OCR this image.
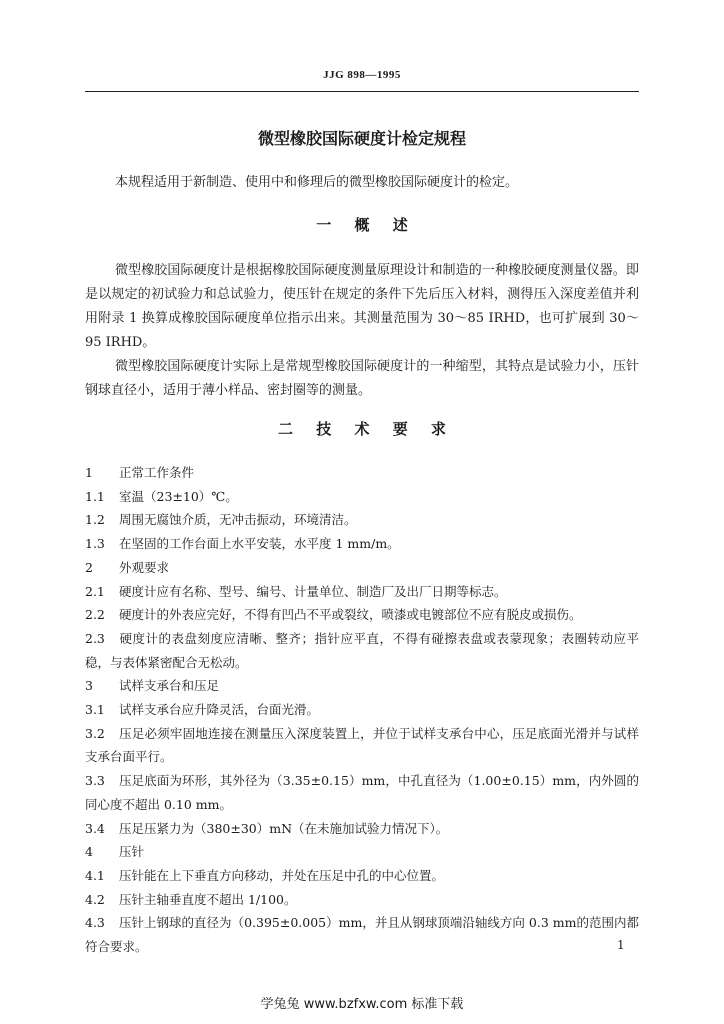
JJG 898—1995
微型橡胶国际硬度计检定规程
本规程适用于新制造、使用中和修理后的微型橡胶国际硬度计的检定。
一 概 述

微型橡胶国际硬度计是根据橡胶国际硬度测量原理设计和制造的一种橡胶硬度测量仪器。即是以规定的初试验力和总试验力，使压针在规定的条件下先后压入材料，测得压入深度差值并利用附录 1 换算成橡胶国际硬度单位指示出来。其测量范围为 30～85 IRHD，也可扩展到 30～95 IRHD。

微型橡胶国际硬度计实际上是常规型橡胶国际硬度计的一种缩型，其特点是试验力小，压针钢球直径小，适用于薄小样品、密封圈等的测量。

二 技 术 要 求
1 正常工作条件
1.1 室温（23±10）℃。
1.2 周围无腐蚀介质，无冲击振动，环境清洁。
1.3 在坚固的工作台面上水平安装，水平度 1 mm/m。
2 外观要求
2.1 硬度计应有名称、型号、编号、计量单位、制造厂及出厂日期等标志。
2.2 硬度计的外表应完好，不得有凹凸不平或裂纹，喷漆或电镀部位不应有脱皮或损伤。
2.3 硬度计的表盘刻度应清晰、整齐；指针应平直，不得有碰擦表盘或表蒙现象；表圈转动应平稳，与表体紧密配合无松动。
3 试样支承台和压足
3.1 试样支承台应升降灵活，台面光滑。
3.2 压足必须牢固地连接在测量压入深度装置上，并位于试样支承台中心，压足底面光滑并与试样支承台面平行。
3.3 压足底面为环形，其外径为（3.35±0.15）mm，中孔直径为（1.00±0.15）mm，内外圆的同心度不超出 0.10 mm。
3.4 压足压紧力为（380±30）mN（在未施加试验力情况下）。
4 压针
4.1 压针能在上下垂直方向移动，并处在压足中孔的中心位置。
4.2 压针主轴垂直度不超出 1/100。
4.3 压针上钢球的直径为（0.395±0.005）mm，并且从钢球顶端沿轴线方向 0.3 mm的范围内都符合要求。	1
学兔兔 www.bzfxw.com 标准下载
